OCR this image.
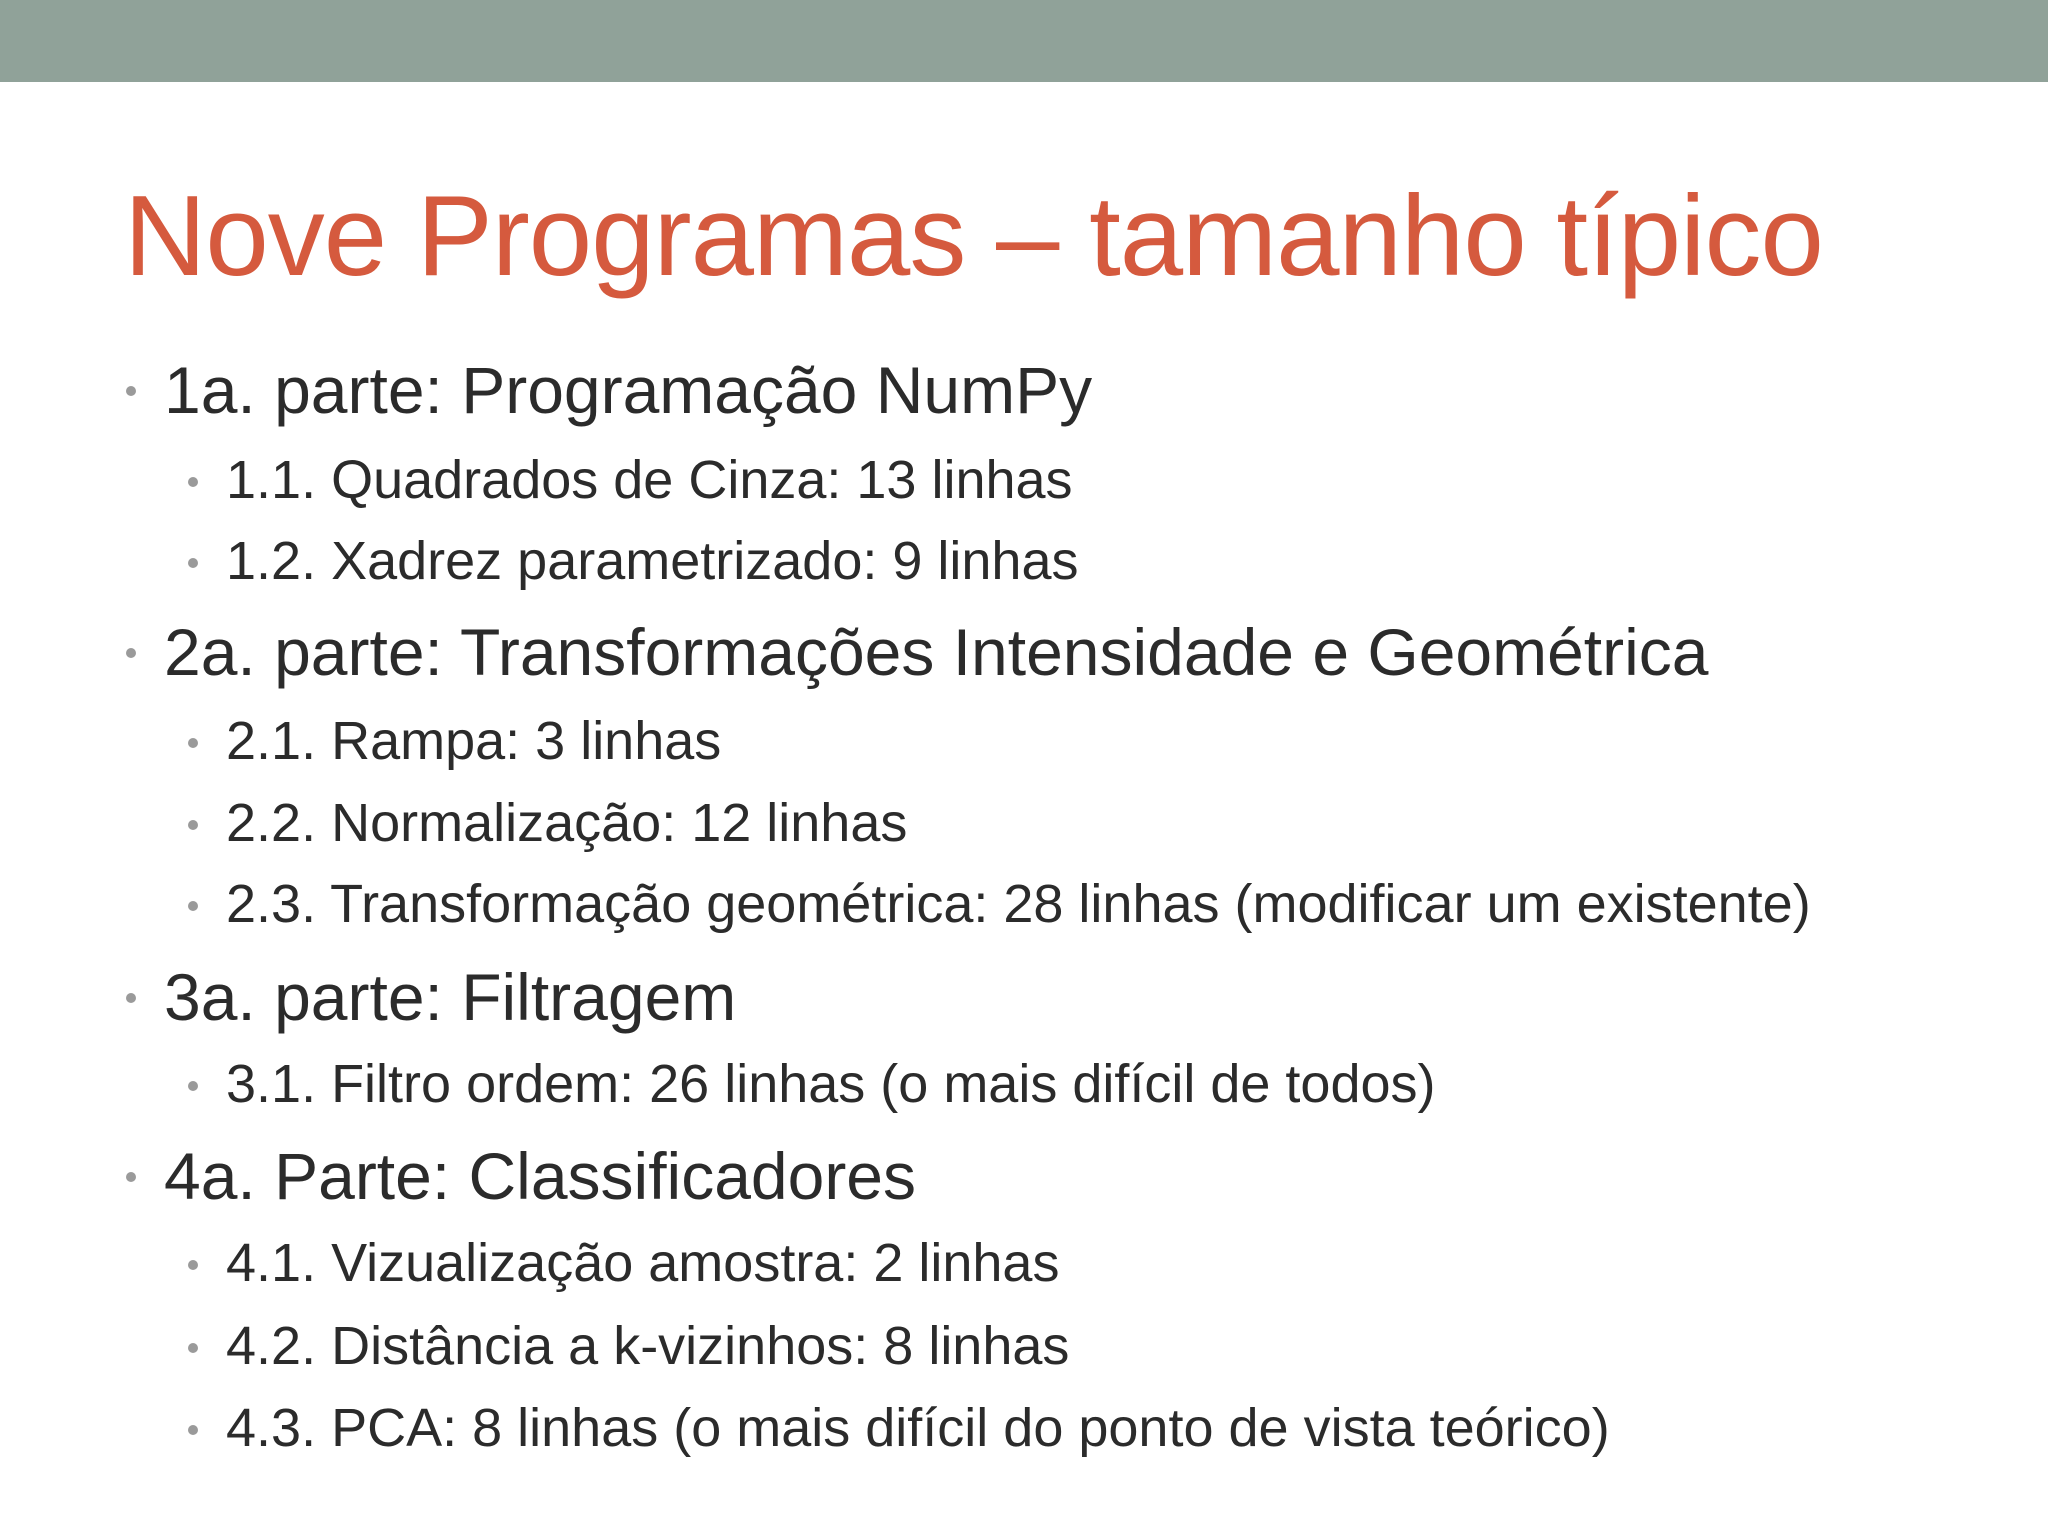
Nove Programas – tamanho típico
1a. parte: Programação NumPy
1.1. Quadrados de Cinza: 13 linhas
1.2. Xadrez parametrizado: 9 linhas
2a. parte: Transformações Intensidade e Geométrica
2.1. Rampa: 3 linhas
2.2. Normalização: 12 linhas
2.3. Transformação geométrica: 28 linhas (modificar um existente)
3a. parte: Filtragem
3.1. Filtro ordem: 26 linhas (o mais difícil de todos)
4a. Parte: Classificadores
4.1. Vizualização amostra: 2 linhas
4.2. Distância a k-vizinhos: 8 linhas
4.3. PCA: 8 linhas (o mais difícil do ponto de vista teórico)
